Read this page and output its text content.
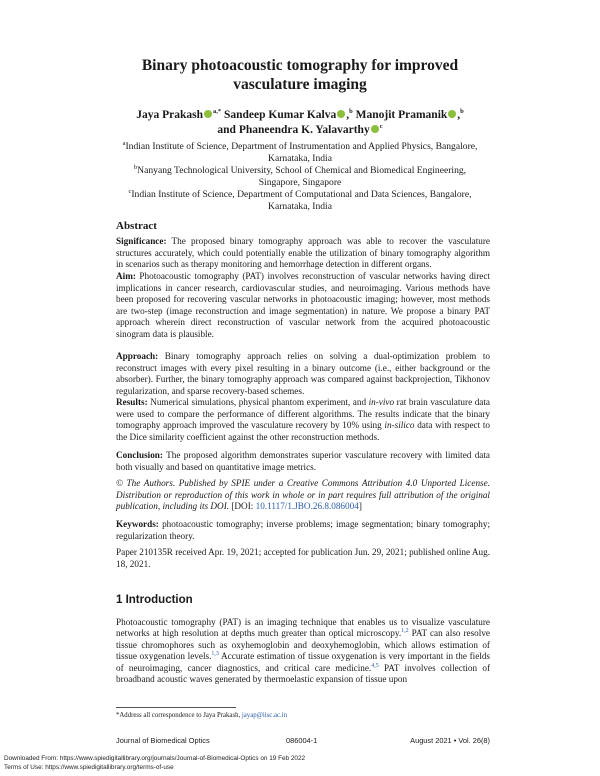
Binary photoacoustic tomography for improved
vasculature imaging
Jaya Prakash $^{a,*}$ Sandeep Kumar Kalva ,$^b$ Manojit Pramanik ,$^b$
and Phaneendra K. Yalavarthy $^c$
$^a$Indian Institute of Science, Department of Instrumentation and Applied Physics, Bangalore,
Karnataka, India
$^b$Nanyang Technological University, School of Chemical and Biomedical Engineering,
Singapore, Singapore
$^c$Indian Institute of Science, Department of Computational and Data Sciences, Bangalore,
Karnataka, India
Abstract
Significance: The proposed binary tomography approach was able to recover the vasculature structures accurately, which could potentially enable the utilization of binary tomography algorithm in scenarios such as therapy monitoring and hemorrhage detection in different organs.
Aim: Photoacoustic tomography (PAT) involves reconstruction of vascular networks having direct implications in cancer research, cardiovascular studies, and neuroimaging. Various methods have been proposed for recovering vascular networks in photoacoustic imaging; however, most methods are two-step (image reconstruction and image segmentation) in nature. We propose a binary PAT approach wherein direct reconstruction of vascular network from the acquired photoacoustic sinogram data is plausible.
Approach: Binary tomography approach relies on solving a dual-optimization problem to reconstruct images with every pixel resulting in a binary outcome (i.e., either background or the absorber). Further, the binary tomography approach was compared against backprojection, Tikhonov regularization, and sparse recovery-based schemes.
Results: Numerical simulations, physical phantom experiment, and in-vivo rat brain vasculature data were used to compare the performance of different algorithms. The results indicate that the binary tomography approach improved the vasculature recovery by 10% using in-silico data with respect to the Dice similarity coefficient against the other reconstruction methods.
Conclusion: The proposed algorithm demonstrates superior vasculature recovery with limited data both visually and based on quantitative image metrics.
© The Authors. Published by SPIE under a Creative Commons Attribution 4.0 Unported License. Distribution or reproduction of this work in whole or in part requires full attribution of the original publication, including its DOI. [DOI: 10.1117/1.JBO.26.8.086004]
Keywords: photoacoustic tomography; inverse problems; image segmentation; binary tomography; regularization theory.
Paper 210135R received Apr. 19, 2021; accepted for publication Jun. 29, 2021; published online Aug. 18, 2021.
1 Introduction
Photoacoustic tomography (PAT) is an imaging technique that enables us to visualize vasculature networks at high resolution at depths much greater than optical microscopy.$^{1,2}$ PAT can also resolve tissue chromophores such as oxyhemoglobin and deoxyhemoglobin, which allows estimation of tissue oxygenation levels.$^{1,3}$ Accurate estimation of tissue oxygenation is very important in the fields of neuroimaging, cancer diagnostics, and critical care medicine.$^{4,5}$ PAT involves collection of broadband acoustic waves generated by thermoelastic expansion of tissue upon
*Address all correspondence to Jaya Prakash, jayap@iisc.ac.in
Journal of Biomedical Optics	086004-1	August 2021 • Vol. 26(8)
Downloaded From: https://www.spiedigitallibrary.org/journals/Journal-of-Biomedical-Optics on 19 Feb 2022
Terms of Use: https://www.spiedigitallibrary.org/terms-of-use
